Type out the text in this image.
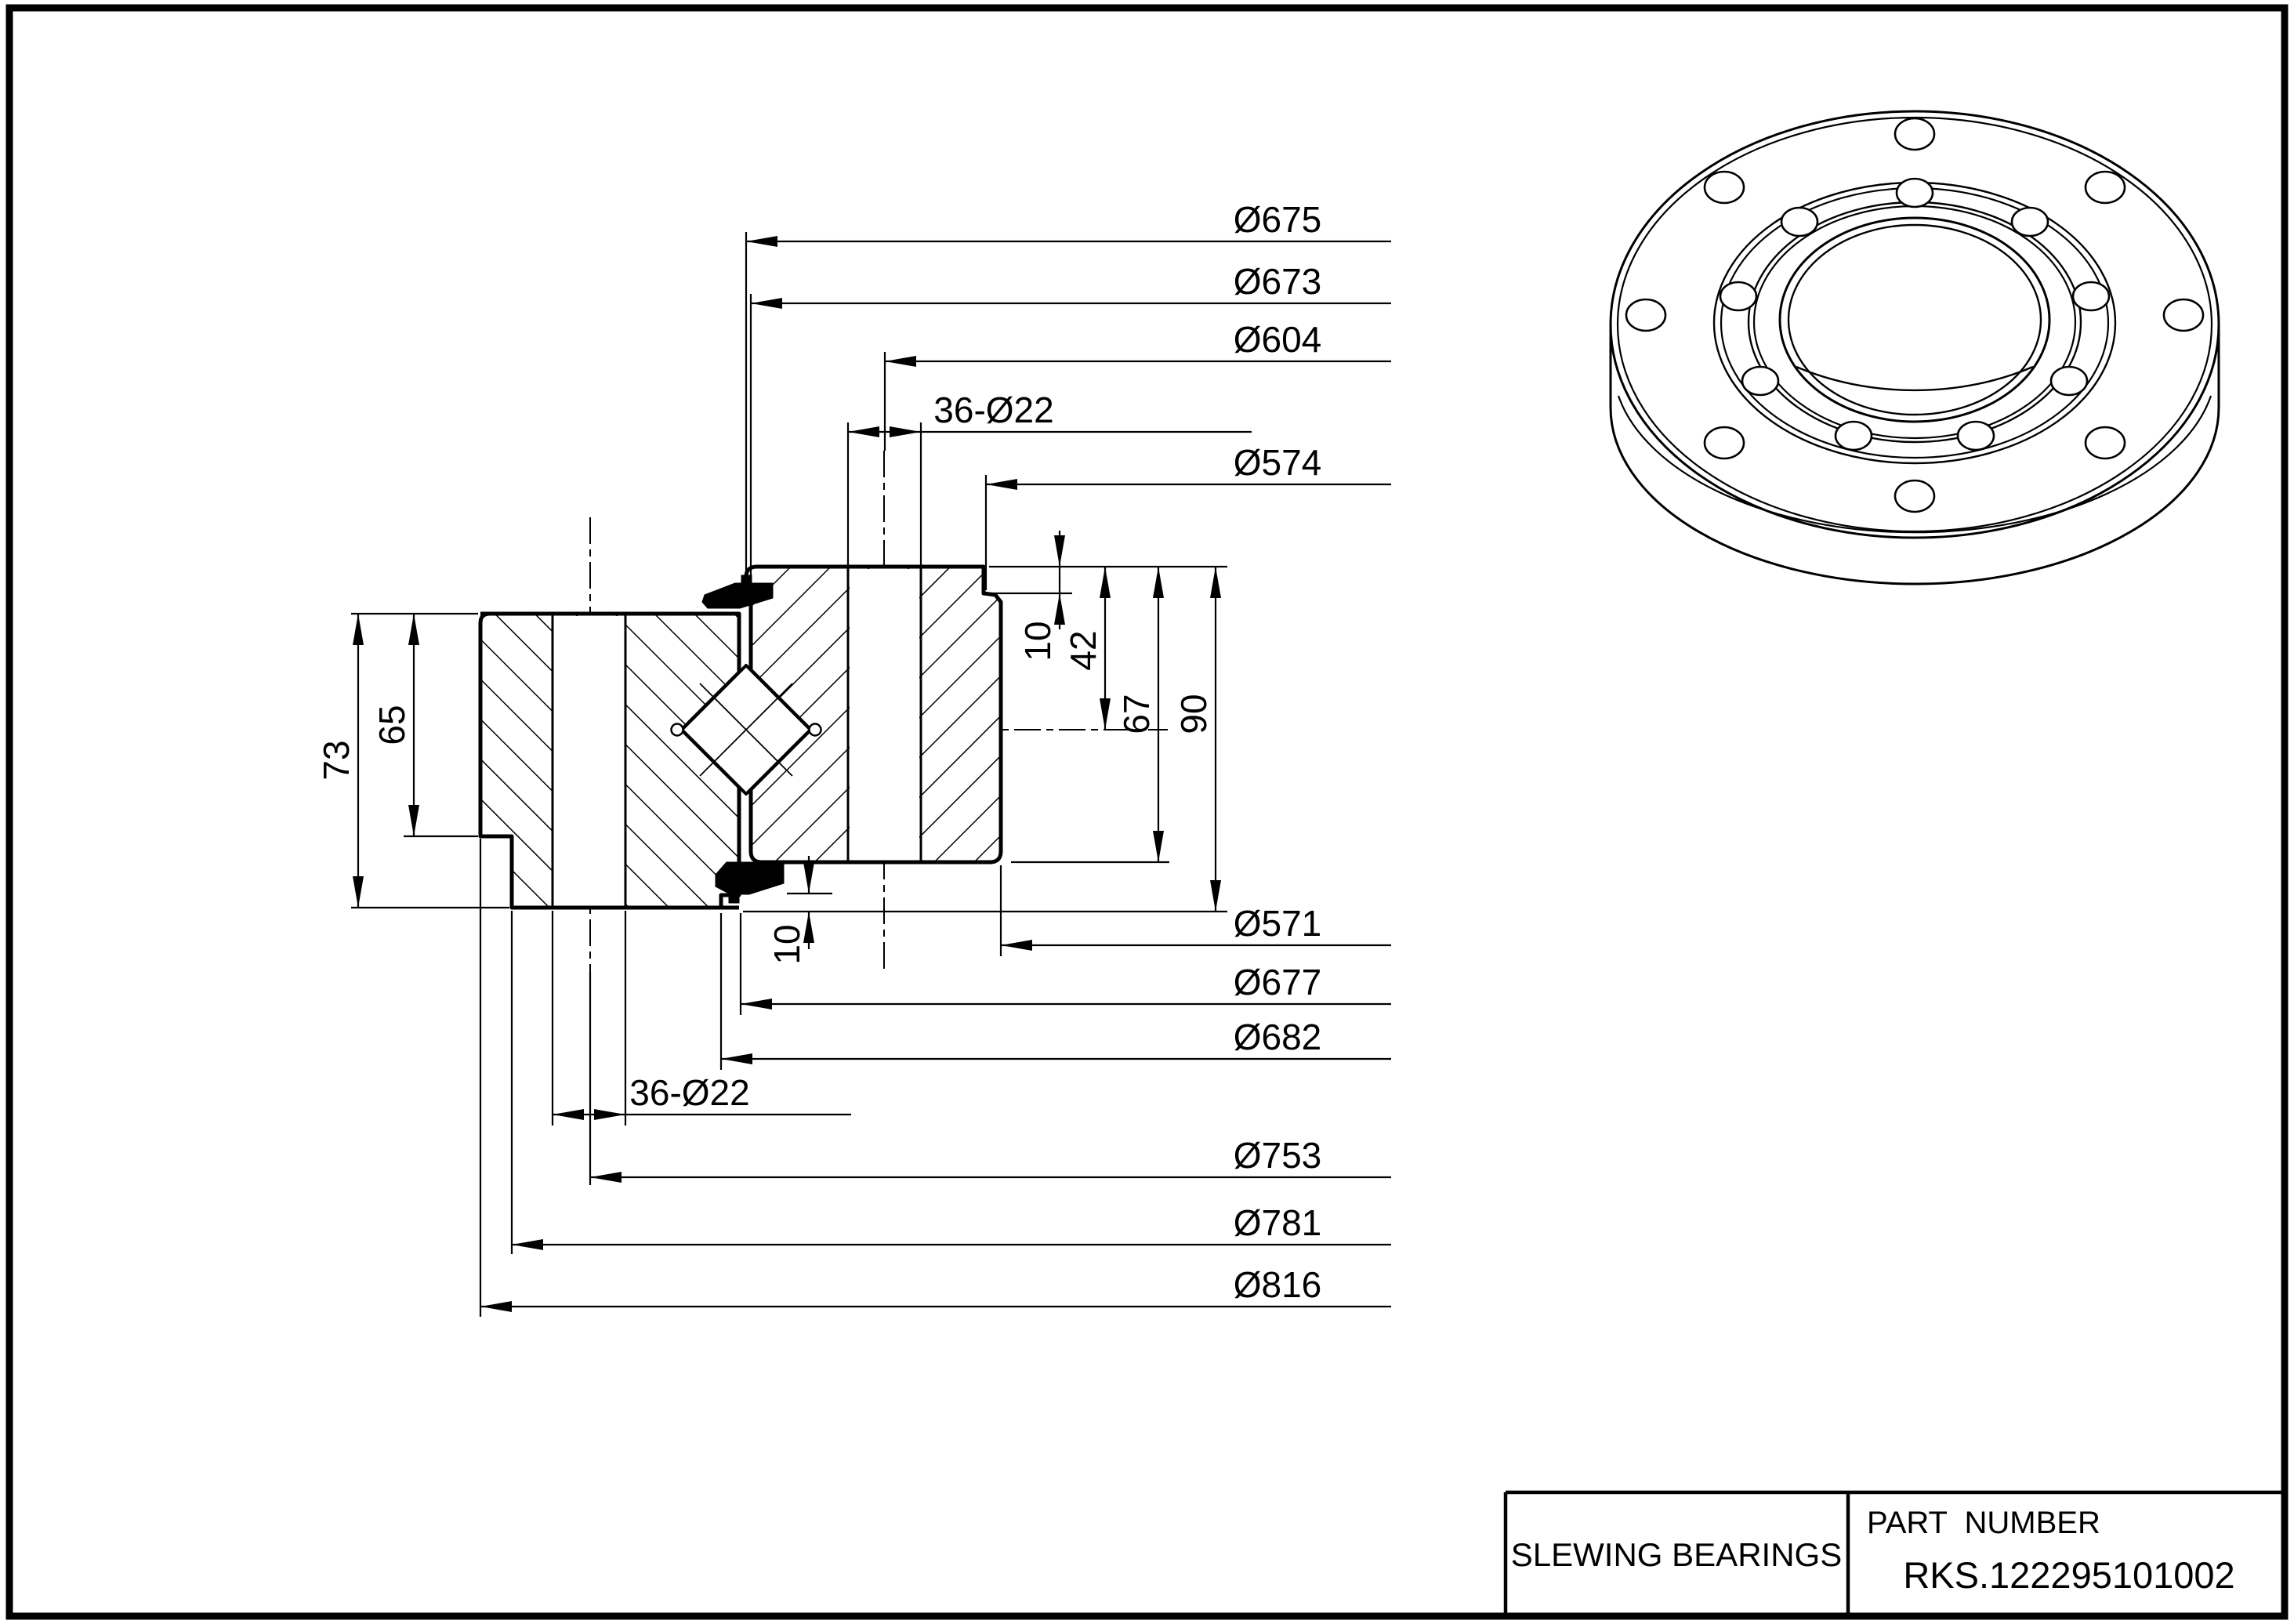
Ø675
Ø673
Ø604
36-Ø22
Ø574
10 42
67 90
65
73
10
Ø571
Ø677
Ø682
36-Ø22
Ø753
Ø781
Ø816
SLEWING BEARINGS
PART  NUMBER
RKS.122295101002
